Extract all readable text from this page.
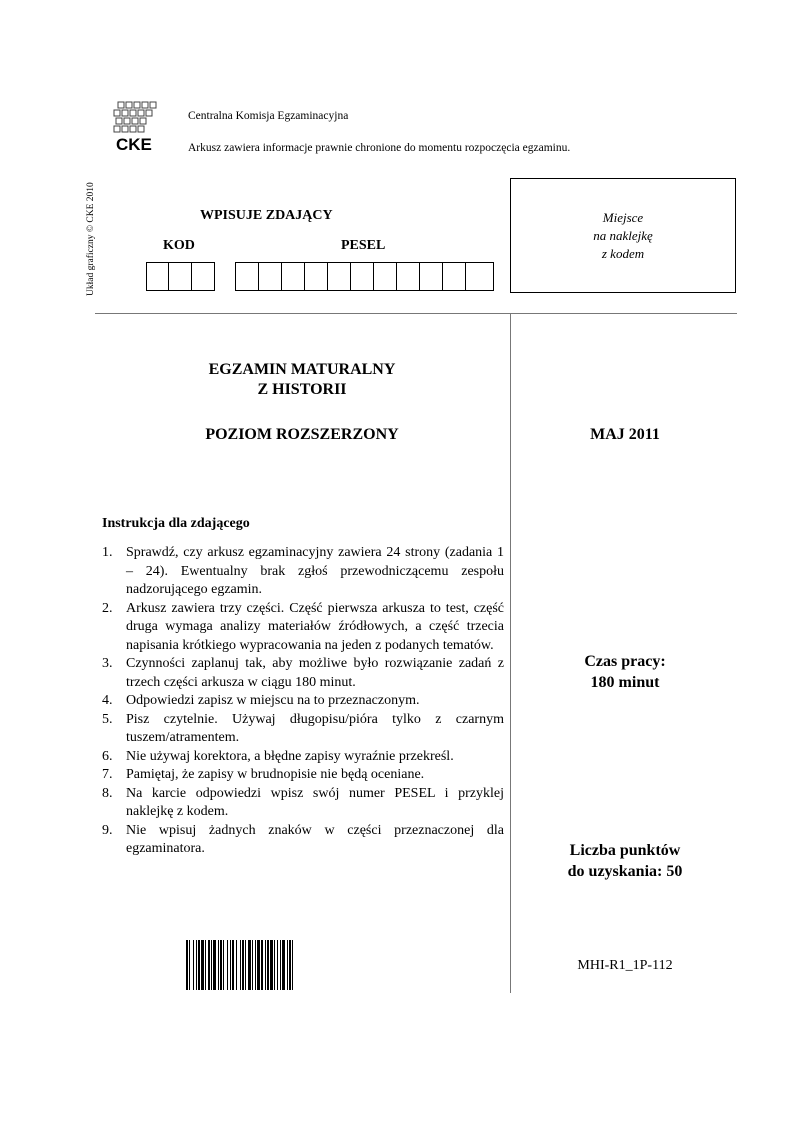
CKE
Centralna Komisja Egzaminacyjna
Arkusz zawiera informacje prawnie chronione do momentu rozpoczęcia egzaminu.
Układ graficzny © CKE 2010	WPISUJE ZDAJĄCY
KOD	PESEL
Miejsce
na naklejkę
z kodem
EGZAMIN MATURALNY
Z HISTORII
POZIOM ROZSZERZONY	MAJ 2011
Czas pracy:
180 minut
Liczba punktów
do uzyskania: 50
MHI-R1_1P-112
Instrukcja dla zdającego
1. Sprawdź, czy arkusz egzaminacyjny zawiera 24 strony (zadania 1 – 24). Ewentualny brak zgłoś przewodniczącemu zespołu nadzorującego egzamin.
2. Arkusz zawiera trzy części. Część pierwsza arkusza to test, część druga wymaga analizy materiałów źródłowych, a część trzecia napisania krótkiego wypracowania na jeden z podanych tematów.
3. Czynności zaplanuj tak, aby możliwe było rozwiązanie zadań z trzech części arkusza w ciągu 180 minut.
4. Odpowiedzi zapisz w miejscu na to przeznaczonym.
5. Pisz czytelnie. Używaj długopisu/pióra tylko z czarnym tuszem/atramentem.
6. Nie używaj korektora, a błędne zapisy wyraźnie przekreśl.
7. Pamiętaj, że zapisy w brudnopisie nie będą oceniane.
8. Na karcie odpowiedzi wpisz swój numer PESEL i przyklej naklejkę z kodem.
9. Nie wpisuj żadnych znaków w części przeznaczonej dla egzaminatora.
